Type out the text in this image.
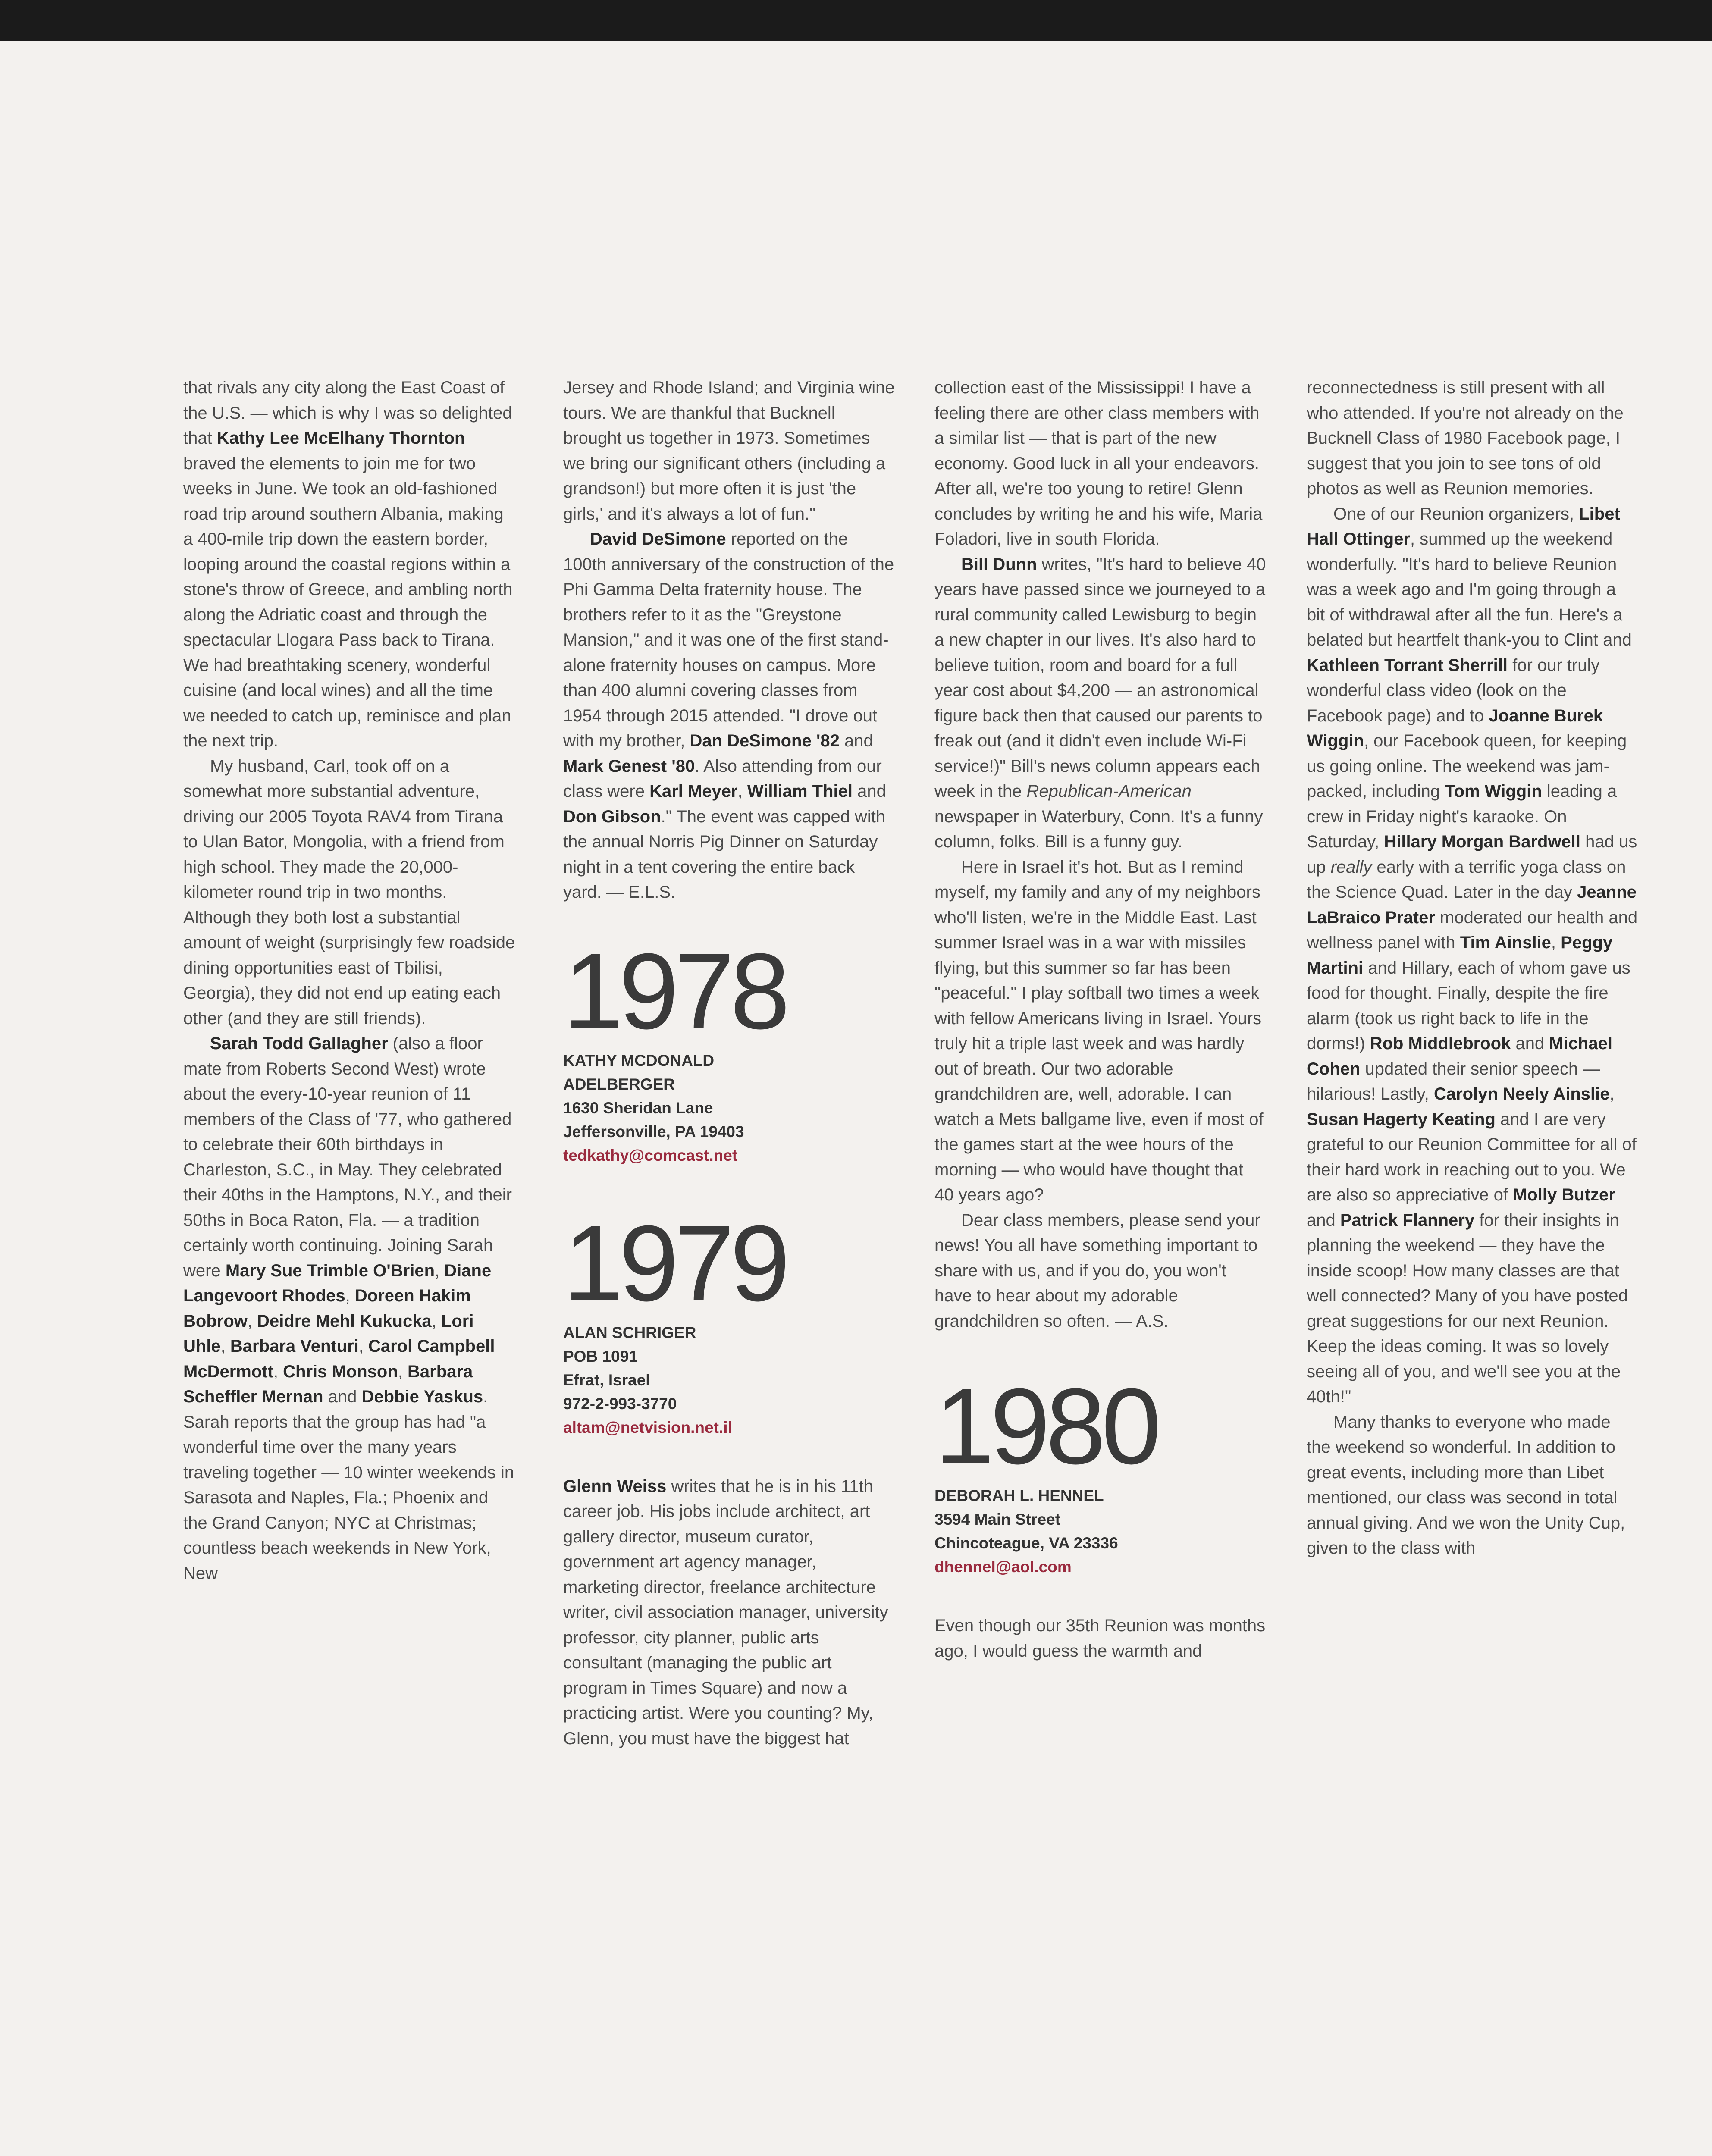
that rivals any city along the East Coast of the U.S. — which is why I was so delighted that Kathy Lee McElhany Thornton braved the elements to join me for two weeks in June. We took an old-fashioned road trip around southern Albania, making a 400-mile trip down the eastern border, looping around the coastal regions within a stone's throw of Greece, and ambling north along the Adriatic coast and through the spectacular Llogara Pass back to Tirana. We had breathtaking scenery, wonderful cuisine (and local wines) and all the time we needed to catch up, reminisce and plan the next trip.

My husband, Carl, took off on a somewhat more substantial adventure, driving our 2005 Toyota RAV4 from Tirana to Ulan Bator, Mongolia, with a friend from high school. They made the 20,000-kilometer round trip in two months. Although they both lost a substantial amount of weight (surprisingly few roadside dining opportunities east of Tbilisi, Georgia), they did not end up eating each other (and they are still friends).

Sarah Todd Gallagher (also a floor mate from Roberts Second West) wrote about the every-10-year reunion of 11 members of the Class of '77, who gathered to celebrate their 60th birthdays in Charleston, S.C., in May. They celebrated their 40ths in the Hamptons, N.Y., and their 50ths in Boca Raton, Fla. — a tradition certainly worth continuing. Joining Sarah were Mary Sue Trimble O'Brien, Diane Langevoort Rhodes, Doreen Hakim Bobrow, Deidre Mehl Kukucka, Lori Uhle, Barbara Venturi, Carol Campbell McDermott, Chris Monson, Barbara Scheffler Mernan and Debbie Yaskus. Sarah reports that the group has had "a wonderful time over the many years traveling together — 10 winter weekends in Sarasota and Naples, Fla.; Phoenix and the Grand Canyon; NYC at Christmas; countless beach weekends in New York, New

Jersey and Rhode Island; and Virginia wine tours. We are thankful that Bucknell brought us together in 1973. Sometimes we bring our significant others (including a grandson!) but more often it is just 'the girls,' and it's always a lot of fun."

David DeSimone reported on the 100th anniversary of the construction of the Phi Gamma Delta fraternity house. The brothers refer to it as the "Greystone Mansion," and it was one of the first stand-alone fraternity houses on campus. More than 400 alumni covering classes from 1954 through 2015 attended. "I drove out with my brother, Dan DeSimone '82 and Mark Genest '80. Also attending from our class were Karl Meyer, William Thiel and Don Gibson." The event was capped with the annual Norris Pig Dinner on Saturday night in a tent covering the entire back yard. — E.L.S.

1978
KATHY MCDONALD
ADELBERGER
1630 Sheridan Lane
Jeffersonville, PA 19403
tedkathy@comcast.net
1979
ALAN SCHRIGER
POB 1091
Efrat, Israel
972-2-993-3770
altam@netvision.net.il

Glenn Weiss writes that he is in his 11th career job. His jobs include architect, art gallery director, museum curator, government art agency manager, marketing director, freelance architecture writer, civil association manager, university professor, city planner, public arts consultant (managing the public art program in Times Square) and now a practicing artist. Were you counting? My, Glenn, you must have the biggest hat

collection east of the Mississippi! I have a feeling there are other class members with a similar list — that is part of the new economy. Good luck in all your endeavors. After all, we're too young to retire! Glenn concludes by writing he and his wife, Maria Foladori, live in south Florida.

Bill Dunn writes, "It's hard to believe 40 years have passed since we journeyed to a rural community called Lewisburg to begin a new chapter in our lives. It's also hard to believe tuition, room and board for a full year cost about $4,200 — an astronomical figure back then that caused our parents to freak out (and it didn't even include Wi-Fi service!)" Bill's news column appears each week in the Republican-American newspaper in Waterbury, Conn. It's a funny column, folks. Bill is a funny guy.

Here in Israel it's hot. But as I remind myself, my family and any of my neighbors who'll listen, we're in the Middle East. Last summer Israel was in a war with missiles flying, but this summer so far has been "peaceful." I play softball two times a week with fellow Americans living in Israel. Yours truly hit a triple last week and was hardly out of breath. Our two adorable grandchildren are, well, adorable. I can watch a Mets ballgame live, even if most of the games start at the wee hours of the morning — who would have thought that 40 years ago?

Dear class members, please send your news! You all have something important to share with us, and if you do, you won't have to hear about my adorable grandchildren so often. — A.S.

1980
DEBORAH L. HENNEL
3594 Main Street
Chincoteague, VA 23336
dhennel@aol.com

Even though our 35th Reunion was months ago, I would guess the warmth and

reconnectedness is still present with all who attended. If you're not already on the Bucknell Class of 1980 Facebook page, I suggest that you join to see tons of old photos as well as Reunion memories.

One of our Reunion organizers, Libet Hall Ottinger, summed up the weekend wonderfully. "It's hard to believe Reunion was a week ago and I'm going through a bit of withdrawal after all the fun. Here's a belated but heartfelt thank-you to Clint and Kathleen Torrant Sherrill for our truly wonderful class video (look on the Facebook page) and to Joanne Burek Wiggin, our Facebook queen, for keeping us going online. The weekend was jam-packed, including Tom Wiggin leading a crew in Friday night's karaoke. On Saturday, Hillary Morgan Bardwell had us up really early with a terrific yoga class on the Science Quad. Later in the day Jeanne LaBraico Prater moderated our health and wellness panel with Tim Ainslie, Peggy Martini and Hillary, each of whom gave us food for thought. Finally, despite the fire alarm (took us right back to life in the dorms!) Rob Middlebrook and Michael Cohen updated their senior speech — hilarious! Lastly, Carolyn Neely Ainslie, Susan Hagerty Keating and I are very grateful to our Reunion Committee for all of their hard work in reaching out to you. We are also so appreciative of Molly Butzer and Patrick Flannery for their insights in planning the weekend — they have the inside scoop! How many classes are that well connected? Many of you have posted great suggestions for our next Reunion. Keep the ideas coming. It was so lovely seeing all of you, and we'll see you at the 40th!"

Many thanks to everyone who made the weekend so wonderful. In addition to great events, including more than Libet mentioned, our class was second in total annual giving. And we won the Unity Cup, given to the class with
